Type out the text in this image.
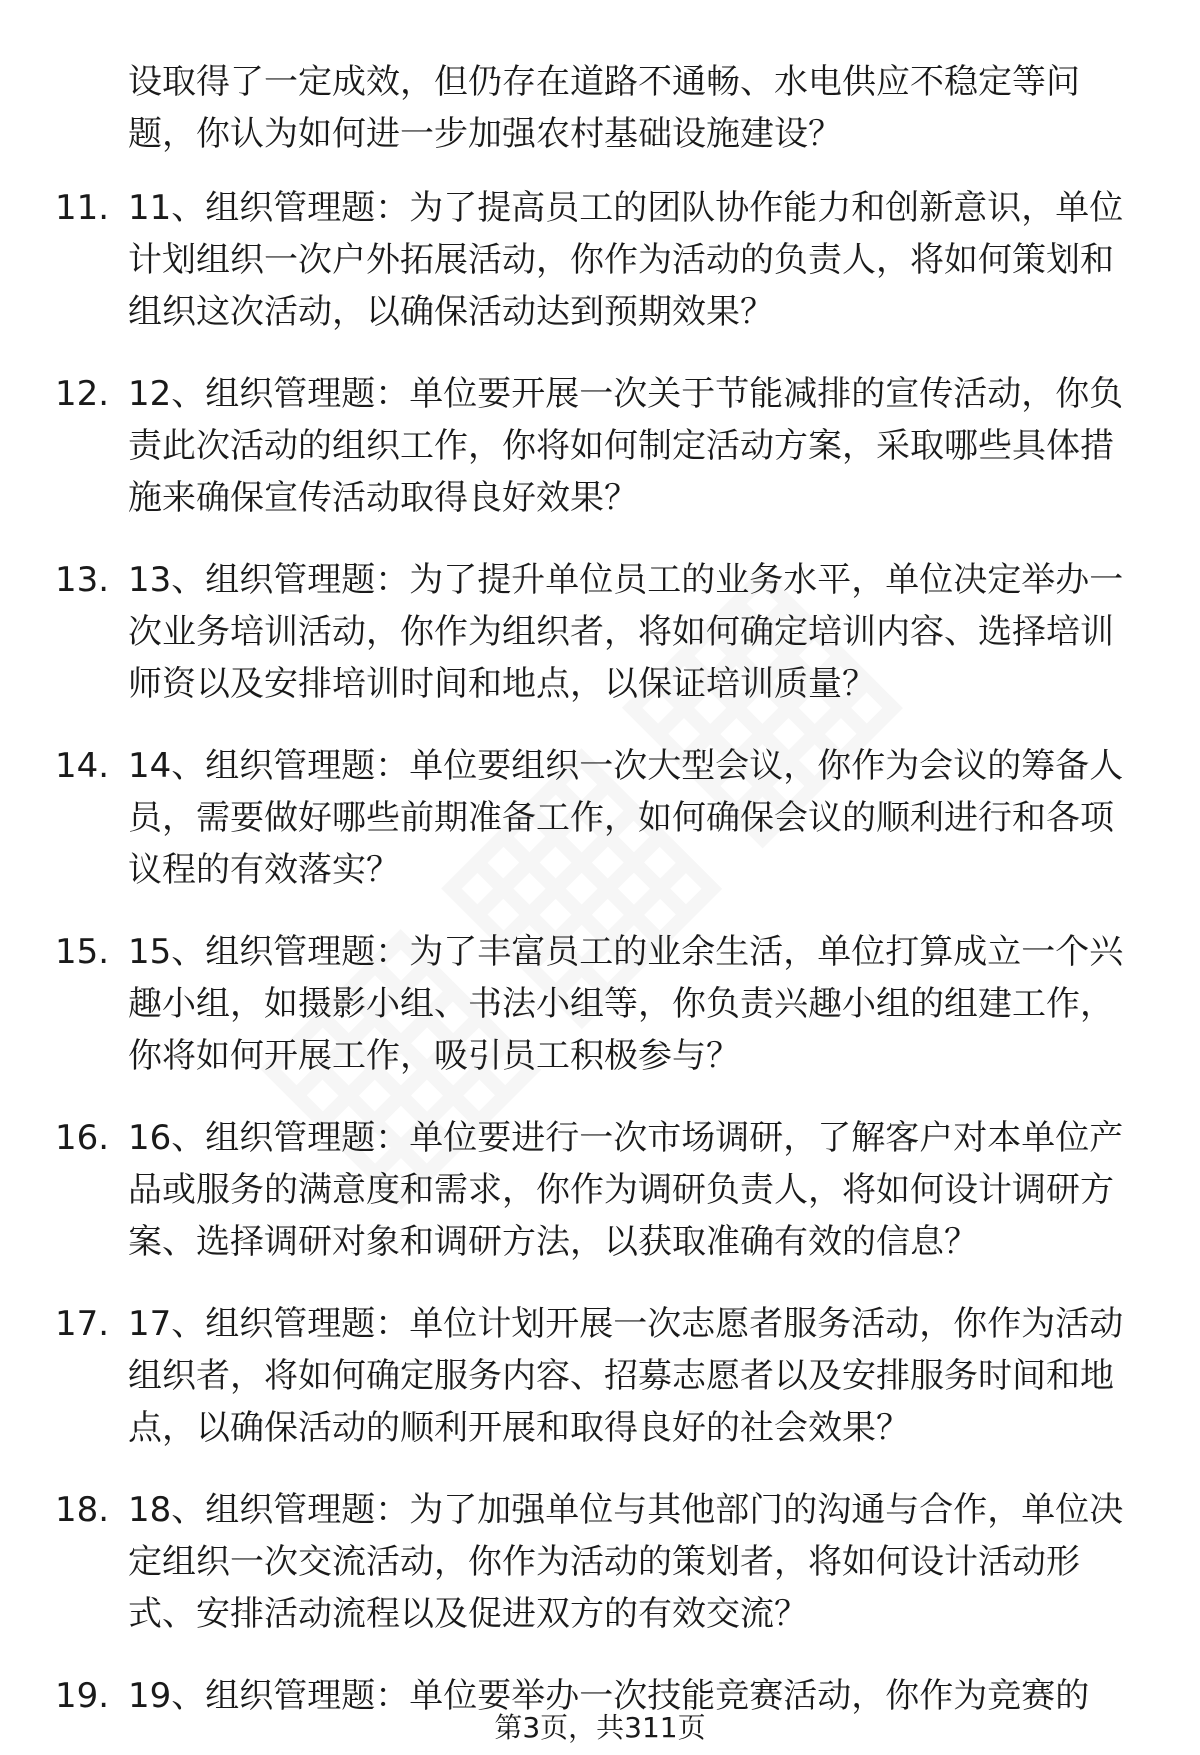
设取得了一定成效，但仍存在道路不通畅、水电供应不稳定等问题，你认为如何进一步加强农村基础设施建设？
11. 11、组织管理题：为了提高员工的团队协作能力和创新意识，单位计划组织一次户外拓展活动，你作为活动的负责人，将如何策划和组织这次活动，以确保活动达到预期效果？
12. 12、组织管理题：单位要开展一次关于节能减排的宣传活动，你负责此次活动的组织工作，你将如何制定活动方案，采取哪些具体措施来确保宣传活动取得良好效果？
13. 13、组织管理题：为了提升单位员工的业务水平，单位决定举办一次业务培训活动，你作为组织者，将如何确定培训内容、选择培训师资以及安排培训时间和地点，以保证培训质量？
14. 14、组织管理题：单位要组织一次大型会议，你作为会议的筹备人员，需要做好哪些前期准备工作，如何确保会议的顺利进行和各项议程的有效落实？
15. 15、组织管理题：为了丰富员工的业余生活，单位打算成立一个兴趣小组，如摄影小组、书法小组等，你负责兴趣小组的组建工作，你将如何开展工作，吸引员工积极参与？
16. 16、组织管理题：单位要进行一次市场调研，了解客户对本单位产品或服务的满意度和需求，你作为调研负责人，将如何设计调研方案、选择调研对象和调研方法，以获取准确有效的信息？
17. 17、组织管理题：单位计划开展一次志愿者服务活动，你作为活动组织者，将如何确定服务内容、招募志愿者以及安排服务时间和地点，以确保活动的顺利开展和取得良好的社会效果？
18. 18、组织管理题：为了加强单位与其他部门的沟通与合作，单位决定组织一次交流活动，你作为活动的策划者，将如何设计活动形式、安排活动流程以及促进双方的有效交流？
19. 19、组织管理题：单位要举办一次技能竞赛活动，你作为竞赛的
第3页，共311页
